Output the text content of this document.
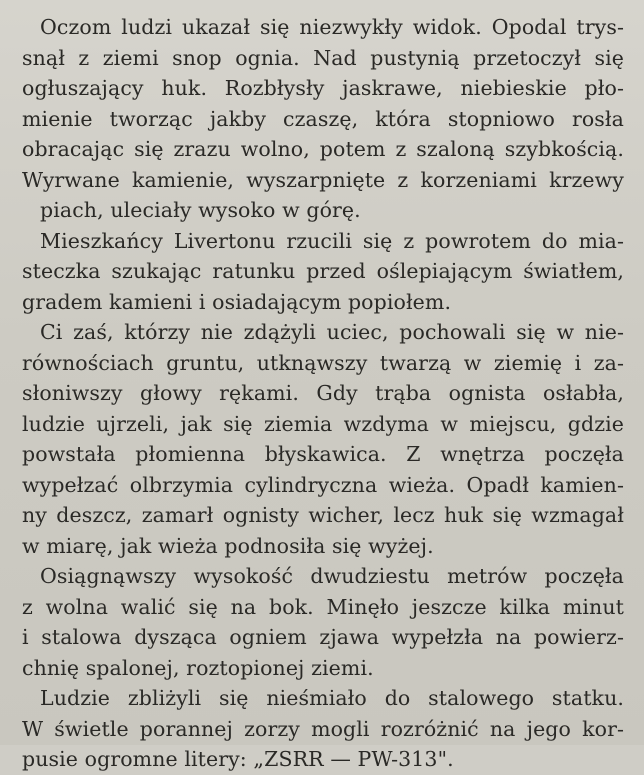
Oczom ludzi ukazał się niezwykły widok. Opodal trys-
snął z ziemi snop ognia. Nad pustynią przetoczył się
ogłuszający huk. Rozbłysły jaskrawe, niebieskie pło-
mienie tworząc jakby czaszę, która stopniowo rosła
obracając się zrazu wolno, potem z szaloną szybkością.
Wyrwane kamienie, wyszarpnięte z korzeniami krzewy
piach, uleciały wysoko w górę.
Mieszkańcy Livertonu rzucili się z powrotem do mia-
steczka szukając ratunku przed oślepiającym światłem,
gradem kamieni i osiadającym popiołem.
Ci zaś, którzy nie zdążyli uciec, pochowali się w nie-
równościach gruntu, utknąwszy twarzą w ziemię i za-
słoniwszy głowy rękami. Gdy trąba ognista osłabła,
ludzie ujrzeli, jak się ziemia wzdyma w miejscu, gdzie
powstała płomienna błyskawica. Z wnętrza poczęła
wypełzać olbrzymia cylindryczna wieża. Opadł kamien-
ny deszcz, zamarł ognisty wicher, lecz huk się wzmagał
w miarę, jak wieża podnosiła się wyżej.
Osiągnąwszy wysokość dwudziestu metrów poczęła
z wolna walić się na bok. Minęło jeszcze kilka minut
i stalowa dysząca ogniem zjawa wypełzła na powierz-
chnię spalonej, roztopionej ziemi.
Ludzie zbliżyli się nieśmiało do stalowego statku.
W świetle porannej zorzy mogli rozróżnić na jego kor-
pusie ogromne litery: „ZSRR — PW-313".
